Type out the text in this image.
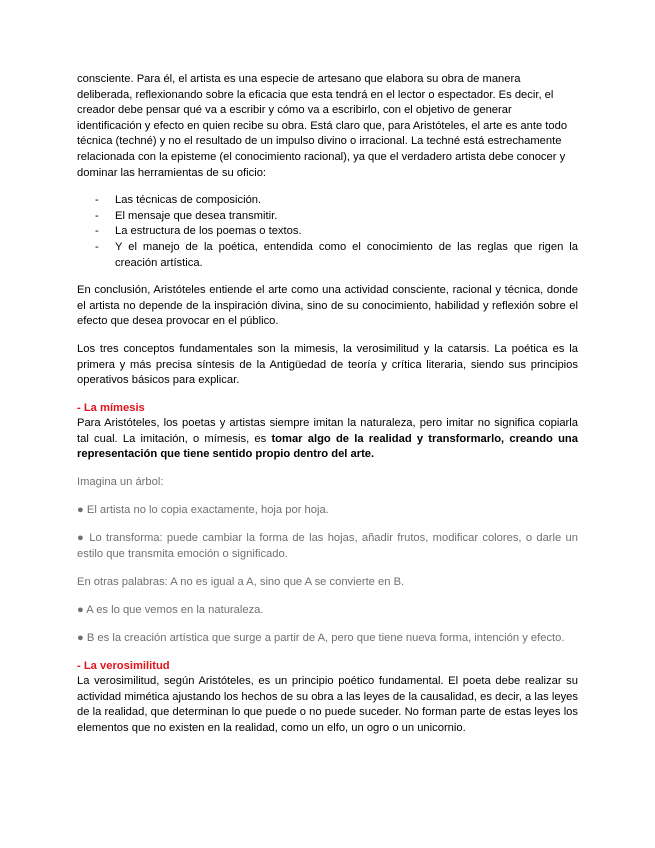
consciente. Para él, el artista es una especie de artesano que elabora su obra de manera deliberada, reflexionando sobre la eficacia que esta tendrá en el lector o espectador. Es decir, el creador debe pensar qué va a escribir y cómo va a escribirlo, con el objetivo de generar identificación y efecto en quien recibe su obra. Está claro que, para Aristóteles, el arte es ante todo técnica (techné) y no el resultado de un impulso divino o irracional. La techné está estrechamente relacionada con la episteme (el conocimiento racional), ya que el verdadero artista debe conocer y dominar las herramientas de su oficio:

- Las técnicas de composición.
- El mensaje que desea transmitir.
- La estructura de los poemas o textos.
- Y el manejo de la poética, entendida como el conocimiento de las reglas que rigen la creación artística.

En conclusión, Aristóteles entiende el arte como una actividad consciente, racional y técnica, donde el artista no depende de la inspiración divina, sino de su conocimiento, habilidad y reflexión sobre el efecto que desea provocar en el público.

Los tres conceptos fundamentales son la mimesis, la verosimilitud y la catarsis. La poética es la primera y más precisa síntesis de la Antigüedad de teoría y crítica literaria, siendo sus principios operativos básicos para explicar.

- La mímesis

Para Aristóteles, los poetas y artistas siempre imitan la naturaleza, pero imitar no significa copiarla tal cual. La imitación, o mímesis, es tomar algo de la realidad y transformarlo, creando una representación que tiene sentido propio dentro del arte.

Imagina un árbol:

● El artista no lo copia exactamente, hoja por hoja.

● Lo transforma: puede cambiar la forma de las hojas, añadir frutos, modificar colores, o darle un estilo que transmita emoción o significado.

En otras palabras: A no es igual a A, sino que A se convierte en B.

● A es lo que vemos en la naturaleza.

● B es la creación artística que surge a partir de A, pero que tiene nueva forma, intención y efecto.

- La verosimilitud

La verosimilitud, según Aristóteles, es un principio poético fundamental. El poeta debe realizar su actividad mimética ajustando los hechos de su obra a las leyes de la causalidad, es decir, a las leyes de la realidad, que determinan lo que puede o no puede suceder. No forman parte de estas leyes los elementos que no existen en la realidad, como un elfo, un ogro o un unicornio.
